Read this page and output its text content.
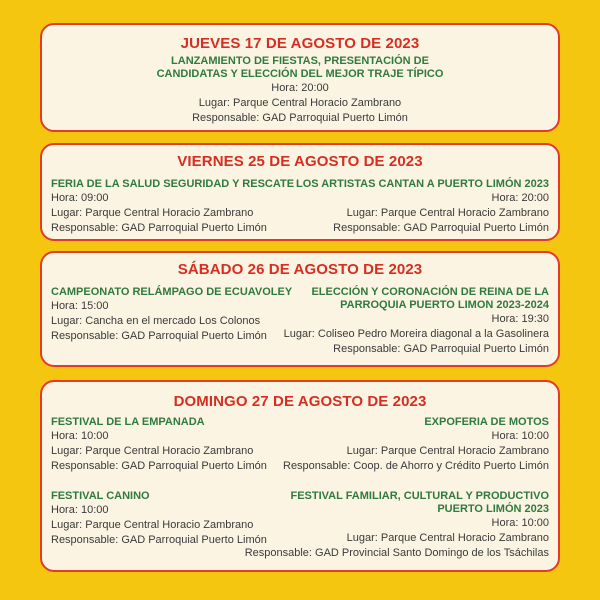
JUEVES 17 DE AGOSTO DE 2023
LANZAMIENTO DE FIESTAS, PRESENTACIÓN DE
CANDIDATAS Y ELECCIÓN DEL MEJOR TRAJE TÍPICO
Hora: 20:00
Lugar: Parque Central Horacio Zambrano
Responsable: GAD Parroquial Puerto Limón
VIERNES 25 DE AGOSTO DE 2023
FERIA DE LA SALUD SEGURIDAD Y RESCATE
Hora: 09:00
Lugar: Parque Central Horacio Zambrano
Responsable: GAD Parroquial Puerto Limón
LOS ARTISTAS CANTAN A PUERTO LIMÓN 2023
Hora: 20:00
Lugar: Parque Central Horacio Zambrano
Responsable: GAD Parroquial Puerto Limón
SÁBADO 26 DE AGOSTO DE 2023
CAMPEONATO RELÁMPAGO DE ECUAVOLEY
Hora: 15:00
Lugar: Cancha en el mercado Los Colonos
Responsable: GAD Parroquial Puerto Limón
ELECCIÓN Y CORONACIÓN DE REINA DE LA
PARROQUIA PUERTO LIMON 2023-2024
Hora: 19:30
Lugar: Coliseo Pedro Moreira diagonal a la Gasolinera
Responsable: GAD Parroquial Puerto Limón
DOMINGO 27 DE AGOSTO DE 2023
FESTIVAL DE LA EMPANADA
Hora: 10:00
Lugar: Parque Central Horacio Zambrano
Responsable: GAD Parroquial Puerto Limón
EXPOFERIA DE MOTOS
Hora: 10:00
Lugar: Parque Central Horacio Zambrano
Responsable: Coop. de Ahorro y Crédito Puerto Limón
FESTIVAL CANINO
Hora: 10:00
Lugar: Parque Central Horacio Zambrano
Responsable: GAD Parroquial Puerto Limón
FESTIVAL FAMILIAR, CULTURAL Y PRODUCTIVO
PUERTO LIMÓN 2023
Hora: 10:00
Lugar: Parque Central Horacio Zambrano
Responsable: GAD Provincial Santo Domingo de los Tsáchilas
